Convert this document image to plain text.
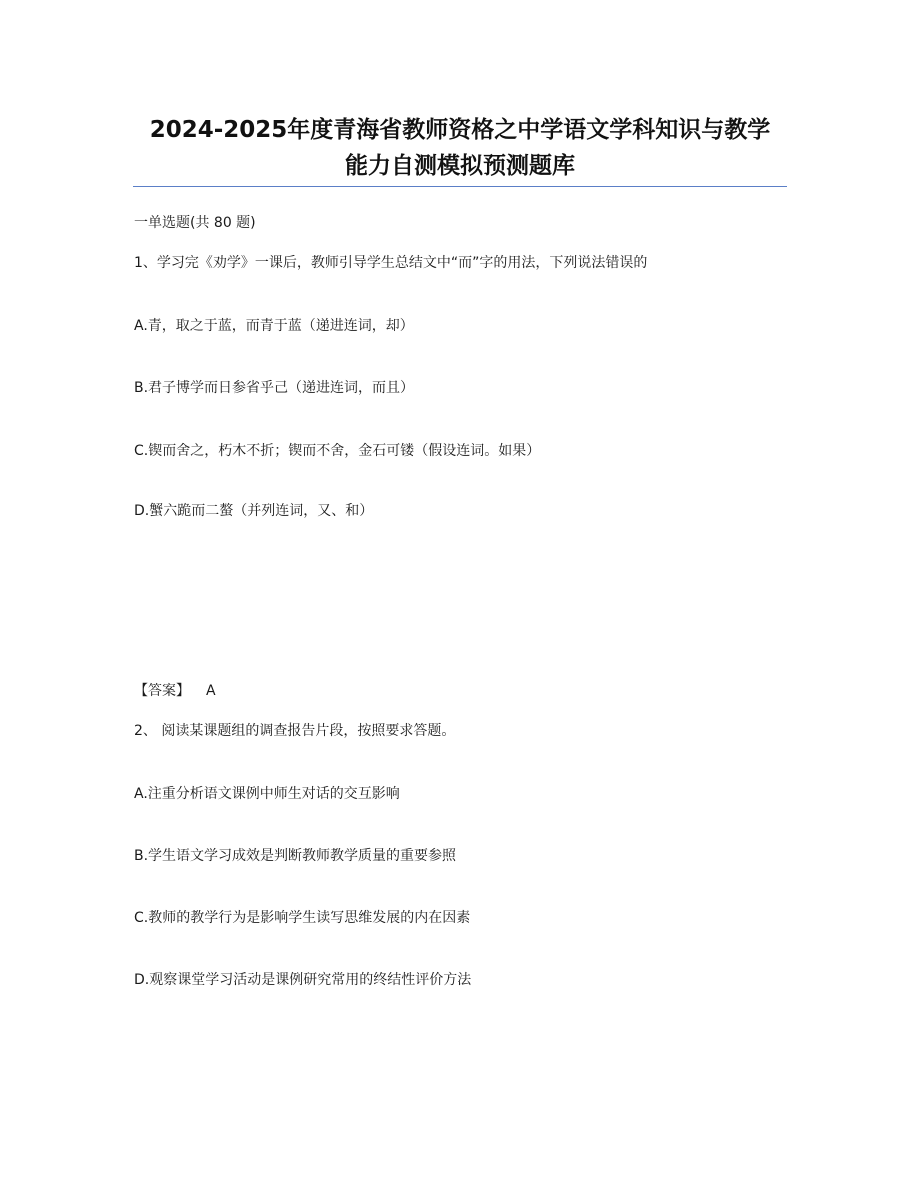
2024-2025年度青海省教师资格之中学语文学科知识与教学
能力自测模拟预测题库
一单选题(共 80 题)
1、学习完《劝学》一课后，教师引导学生总结文中“而”字的用法，下列说法错误的
A.青，取之于蓝，而青于蓝（递进连词，却）
B.君子博学而日参省乎己（递进连词，而且）
C.锲而舍之，朽木不折；锲而不舍，金石可镂（假设连词。如果）
D.蟹六跪而二螯（并列连词，又、和）
【答案】 A
2、 阅读某课题组的调查报告片段，按照要求答题。
A.注重分析语文课例中师生对话的交互影响
B.学生语文学习成效是判断教师教学质量的重要参照
C.教师的教学行为是影响学生读写思维发展的内在因素
D.观察课堂学习活动是课例研究常用的终结性评价方法
